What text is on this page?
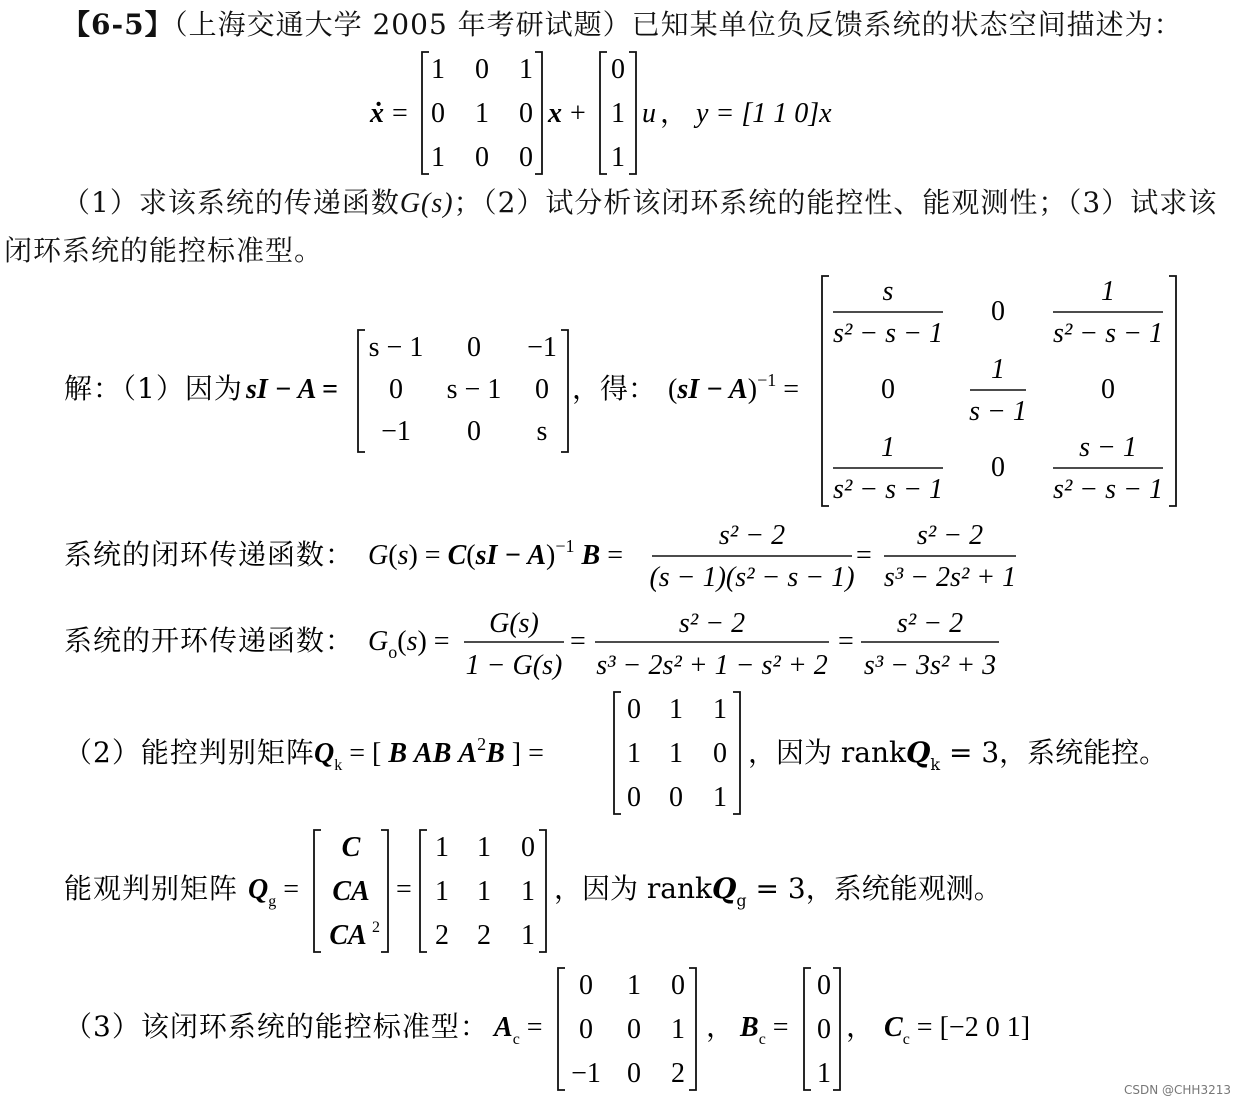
【6-5】（上海交通大学 2005 年考研试题）已知某单位负反馈系统的状态空间描述为：
ẋ =
1 0 1
0 1 0
1 0 0
x +
0
1
1
u ， y = [1 1 0]x
（1）求该系统的传递函数G(s)；（2）试分析该闭环系统的能控性、能观测性；（3）试求该
闭环系统的能控标准型。
解：（1）因为 sI − A =
s − 1 0 −1
0 s − 1 0
−1 0 s
，得： (sI − A)$^{-1}$ =
s
s² − s − 1
0
1
s² − s − 1
0
1
s − 1
0
1
s² − s − 1
0
s − 1
s² − s − 1
系统的闭环传递函数： G(s) = C(sI − A)$^{-1}$ B =
s² − 2
(s − 1)(s² − s − 1)
=
s² − 2
s³ − 2s² + 1
系统的开环传递函数： $G_o(s)$ =
G(s)
1 − G(s)
=
s² − 2
s³ − 2s² + 1 − s² + 2
=
s² − 2
s³ − 3s² + 3
（2）能控判别矩阵 $Q_k$ = [ B AB $A^2B$ ] =
0 1 1
1 1 0
0 0 1
，因为 rankQ$_k$ = 3，系统能控。
能观判别矩阵 $Q_g$ =
C
CA
CA 2
=
1 1 0
1 1 1
2 2 1
，因为 rankQ$_g$ = 3，系统能观测。
（3）该闭环系统的能控标准型： $A_c$ =
0 1 0
0 0 1
−1 0 2
， $B_c$ =
0
0
1
， $C_c = [-2$ 0 1]
CSDN @CHH3213
